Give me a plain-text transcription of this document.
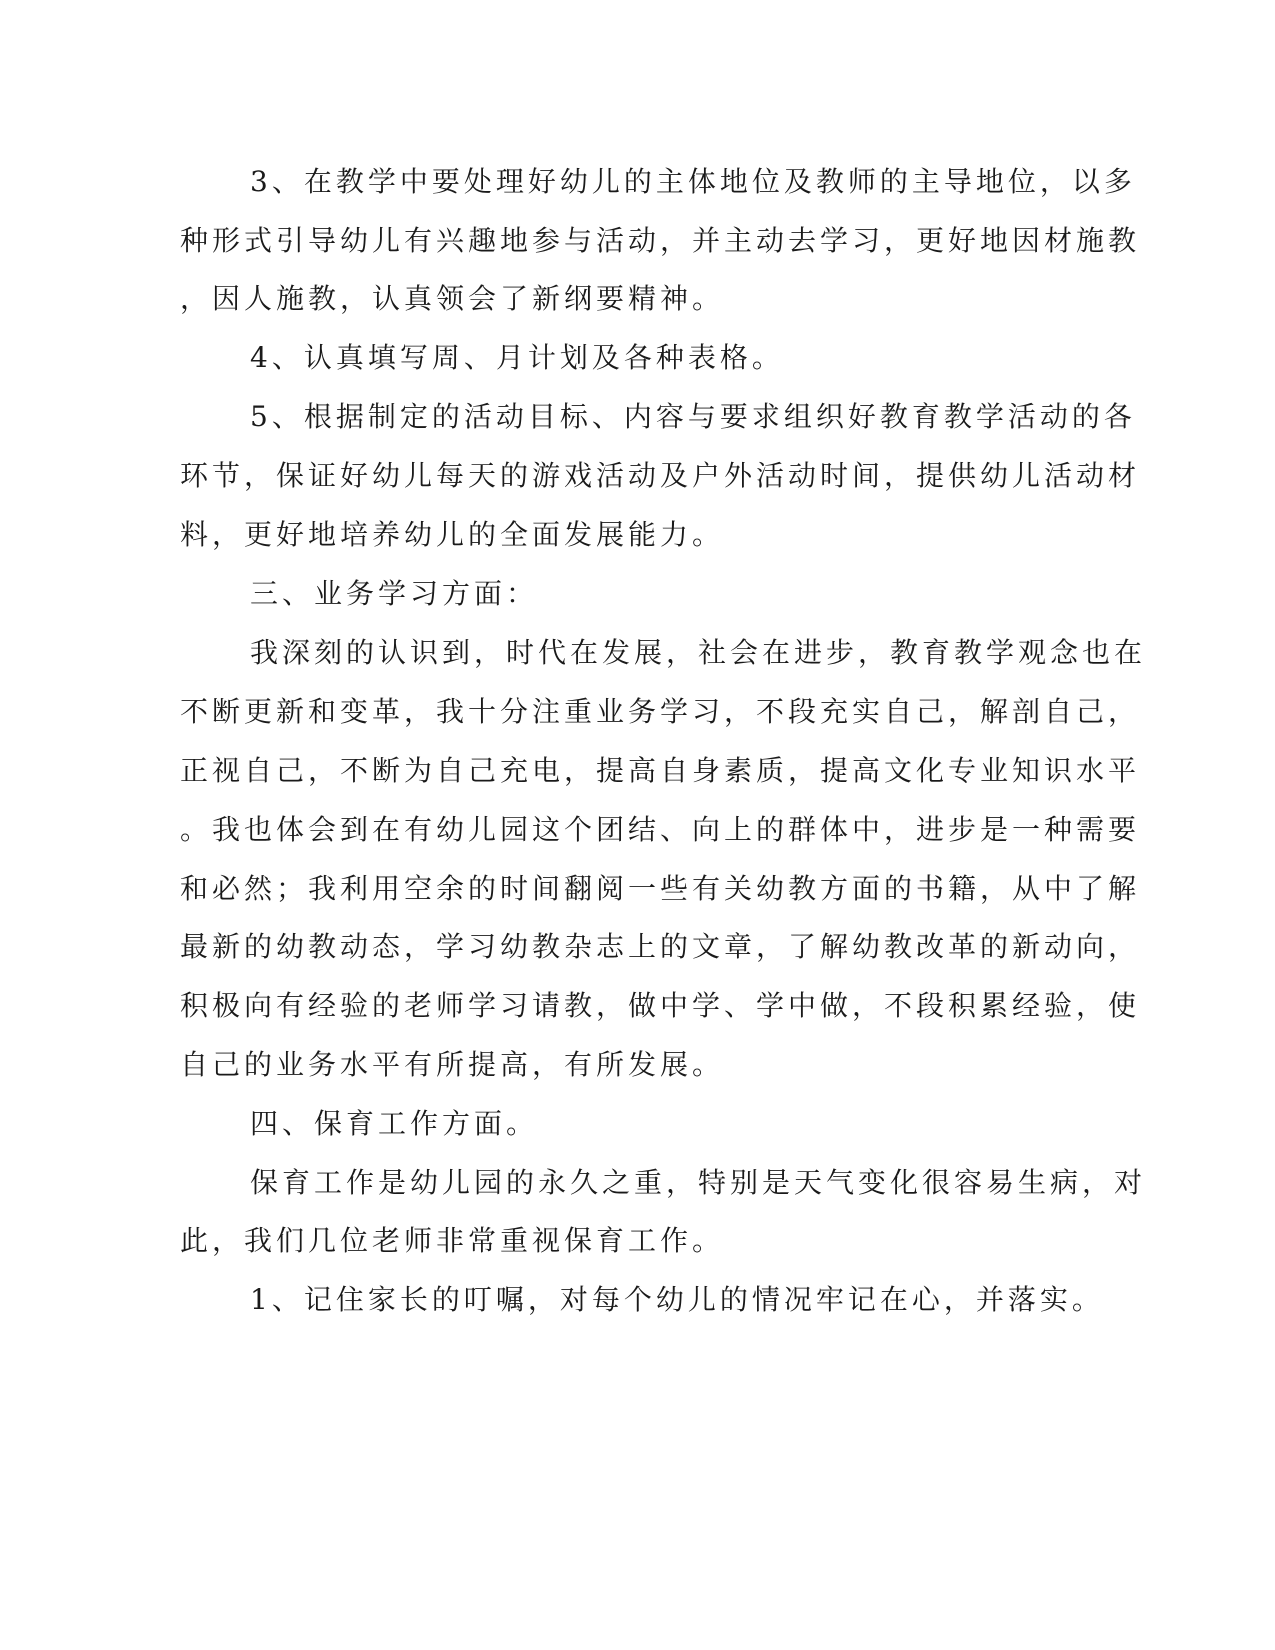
3、在教学中要处理好幼儿的主体地位及教师的主导地位，以多

种形式引导幼儿有兴趣地参与活动，并主动去学习，更好地因材施教

，因人施教，认真领会了新纲要精神。

4、认真填写周、月计划及各种表格。

5、根据制定的活动目标、内容与要求组织好教育教学活动的各

环节，保证好幼儿每天的游戏活动及户外活动时间，提供幼儿活动材

料，更好地培养幼儿的全面发展能力。

三、业务学习方面：

我深刻的认识到，时代在发展，社会在进步，教育教学观念也在

不断更新和变革，我十分注重业务学习，不段充实自己，解剖自己，

正视自己，不断为自己充电，提高自身素质，提高文化专业知识水平

。我也体会到在有幼儿园这个团结、向上的群体中，进步是一种需要

和必然；我利用空余的时间翻阅一些有关幼教方面的书籍，从中了解

最新的幼教动态，学习幼教杂志上的文章，了解幼教改革的新动向，

积极向有经验的老师学习请教，做中学、学中做，不段积累经验，使

自己的业务水平有所提高，有所发展。

四、保育工作方面。

保育工作是幼儿园的永久之重，特别是天气变化很容易生病，对

此，我们几位老师非常重视保育工作。

1、记住家长的叮嘱，对每个幼儿的情况牢记在心，并落实。
